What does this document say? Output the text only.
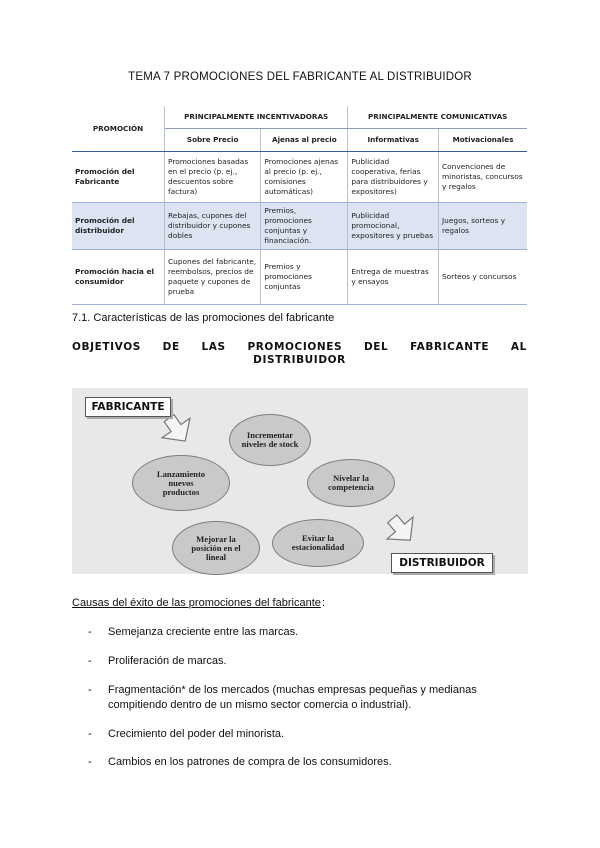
TEMA 7 PROMOCIONES DEL FABRICANTE AL DISTRIBUIDOR
PROMOCIÓN	PRINCIPALMENTE INCENTIVADORAS		PRINCIPALMENTE COMUNICATIVAS	
	Sobre Precio	Ajenas al precio	Informativas	Motivacionales
Promoción del Fabricante	Promociones basadas en el precio (p. ej., descuentos sobre factura)	Promociones ajenas al precio (p. ej., comisiones automáticas)	Publicidad cooperativa, ferias para distribuidores y expositores)	Convenciones de minoristas, concursos y regalos
Promoción del distribuidor	Rebajas, cupones del distribuidor y cupones dobles	Premios, promociones conjuntas y financiación.	Publicidad promocional, expositores y pruebas	Juegos, sorteos y regalos
Promoción hacia el consumidor	Cupones del fabricante, reembolsos, precios de paquete y cupones de prueba	Premios y promociones conjuntas	Entrega de muestras y ensayos	Sorteos y concursos
7.1. Características de las promociones del fabricante
OBJETIVOS DE LAS PROMOCIONES DEL FABRICANTE AL
DISTRIBUIDOR
FABRICANTE
DISTRIBUIDOR
Incrementar niveles de stock
Nivelar la competencia
Evitar la estacionalidad
Mejorar la posición en el lineal
Lanzamiento nuevos productos
Causas del éxito de las promociones del fabricante :
- Semejanza creciente entre las marcas.
- Proliferación de marcas.
- Fragmentación* de los mercados (muchas empresas pequeñas y medianas compitiendo dentro de un mismo sector comercia o industrial).
- Crecimiento del poder del minorista.
- Cambios en los patrones de compra de los consumidores.
